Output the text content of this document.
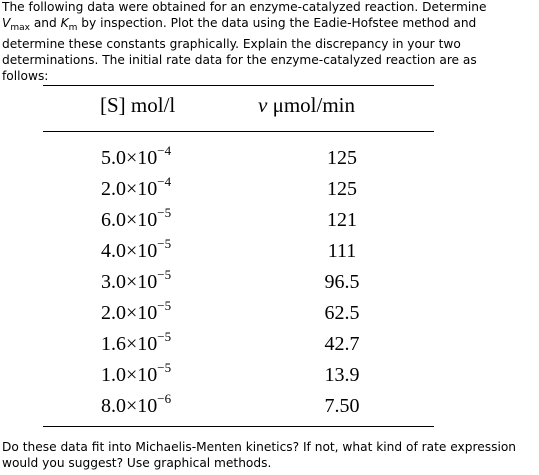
The following data were obtained for an enzyme-catalyzed reaction. Determine
$V_{max}$ and $K_m$ by inspection. Plot the data using the Eadie-Hofstee method and
determine these constants graphically. Explain the discrepancy in your two
determinations. The initial rate data for the enzyme-catalyzed reaction are as
follows:
[S] mol/l	v μmol/min
$5.0\times 10^{-4}$	125
$2.0\times 10^{-4}$	125
$6.0\times 10^{-5}$	121
$4.0\times 10^{-5}$	111
$3.0\times 10^{-5}$	96.5
$2.0\times 10^{-5}$	62.5
$1.6\times 10^{-5}$	42.7
$1.0\times 10^{-5}$	13.9
$8.0\times 10^{-6}$	7.50
Do these data fit into Michaelis-Menten kinetics? If not, what kind of rate expression
would you suggest? Use graphical methods.
